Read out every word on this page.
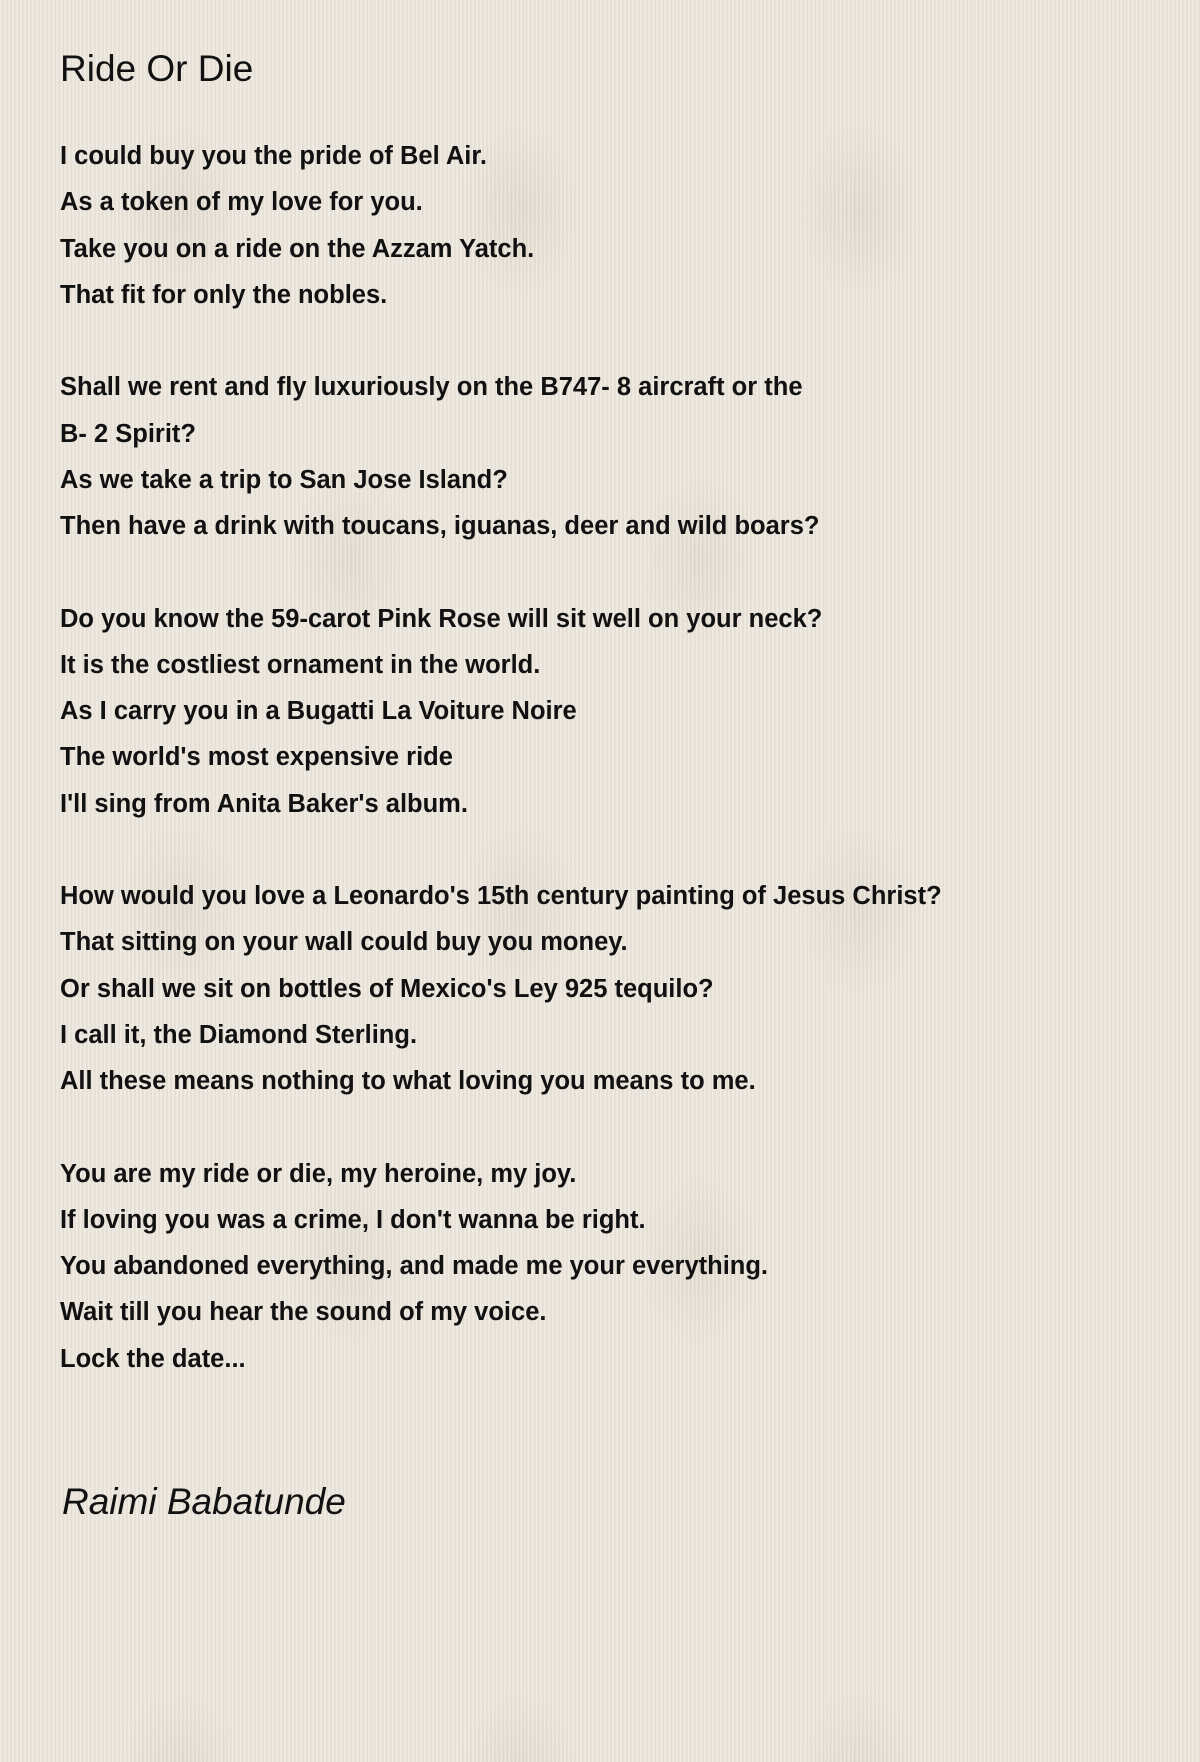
Ride Or Die
I could buy you the pride of Bel Air.
As a token of my love for you.
Take you on a ride on the Azzam Yatch.
That fit for only the nobles.
Shall we rent and fly luxuriously on the B747- 8 aircraft or the
B- 2 Spirit?
As we take a trip to San Jose Island?
Then have a drink with toucans, iguanas, deer and wild boars?
Do you know the 59-carot Pink Rose will sit well on your neck?
It is the costliest ornament in the world.
As I carry you in a Bugatti La Voiture Noire
The world's most expensive ride
I'll sing from Anita Baker's album.
How would you love a Leonardo's 15th century painting of Jesus Christ?
That sitting on your wall could buy you money.
Or shall we sit on bottles of Mexico's Ley 925 tequilo?
I call it, the Diamond Sterling.
All these means nothing to what loving you means to me.
You are my ride or die, my heroine, my joy.
If loving you was a crime, I don't wanna be right.
You abandoned everything, and made me your everything.
Wait till you hear the sound of my voice.
Lock the date...

Raimi Babatunde
